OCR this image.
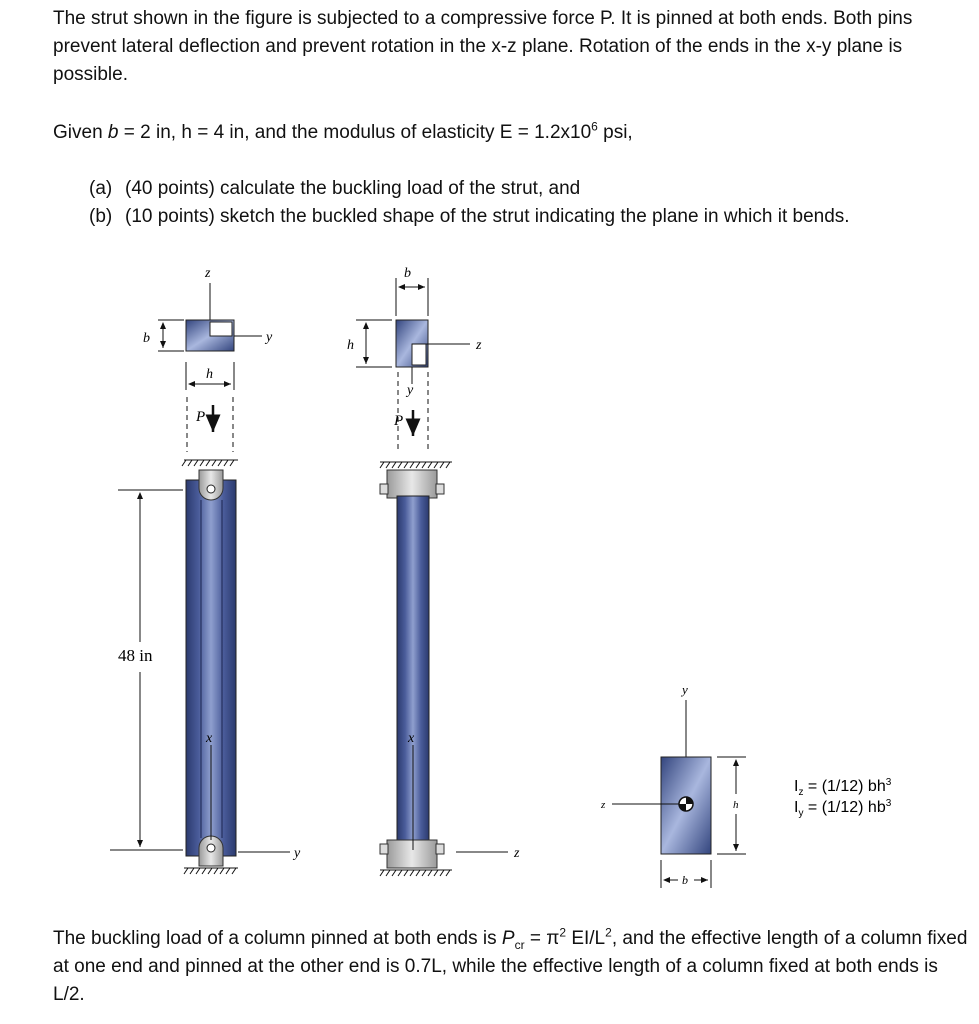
The strut shown in the figure is subjected to a compressive force P. It is pinned at both ends. Both pins prevent lateral deflection and prevent rotation in the x-z plane. Rotation of the ends in the x-y plane is possible.
Given b = 2 in, h = 4 in, and the modulus of elasticity $E = 1.2x10^6$ psi,
(a) (40 points) calculate the buckling load of the strut, and
(b) (10 points) sketch the buckled shape of the strut indicating the plane in which it bends.
z
y
b
h
P
x
y
48 in
b
z
h
y
P
x
z
y
z	h
b
$I_z = (1/12)$ $bh^3$
$I_y = (1/12)$ $hb^3$
The buckling load of a column pinned at both ends is $P_{cr} = \pi^2$ $EI/L^2$, and the effective length of a column fixed at one end and pinned at the other end is 0.7L, while the effective length of a column fixed at both ends is L/2.
